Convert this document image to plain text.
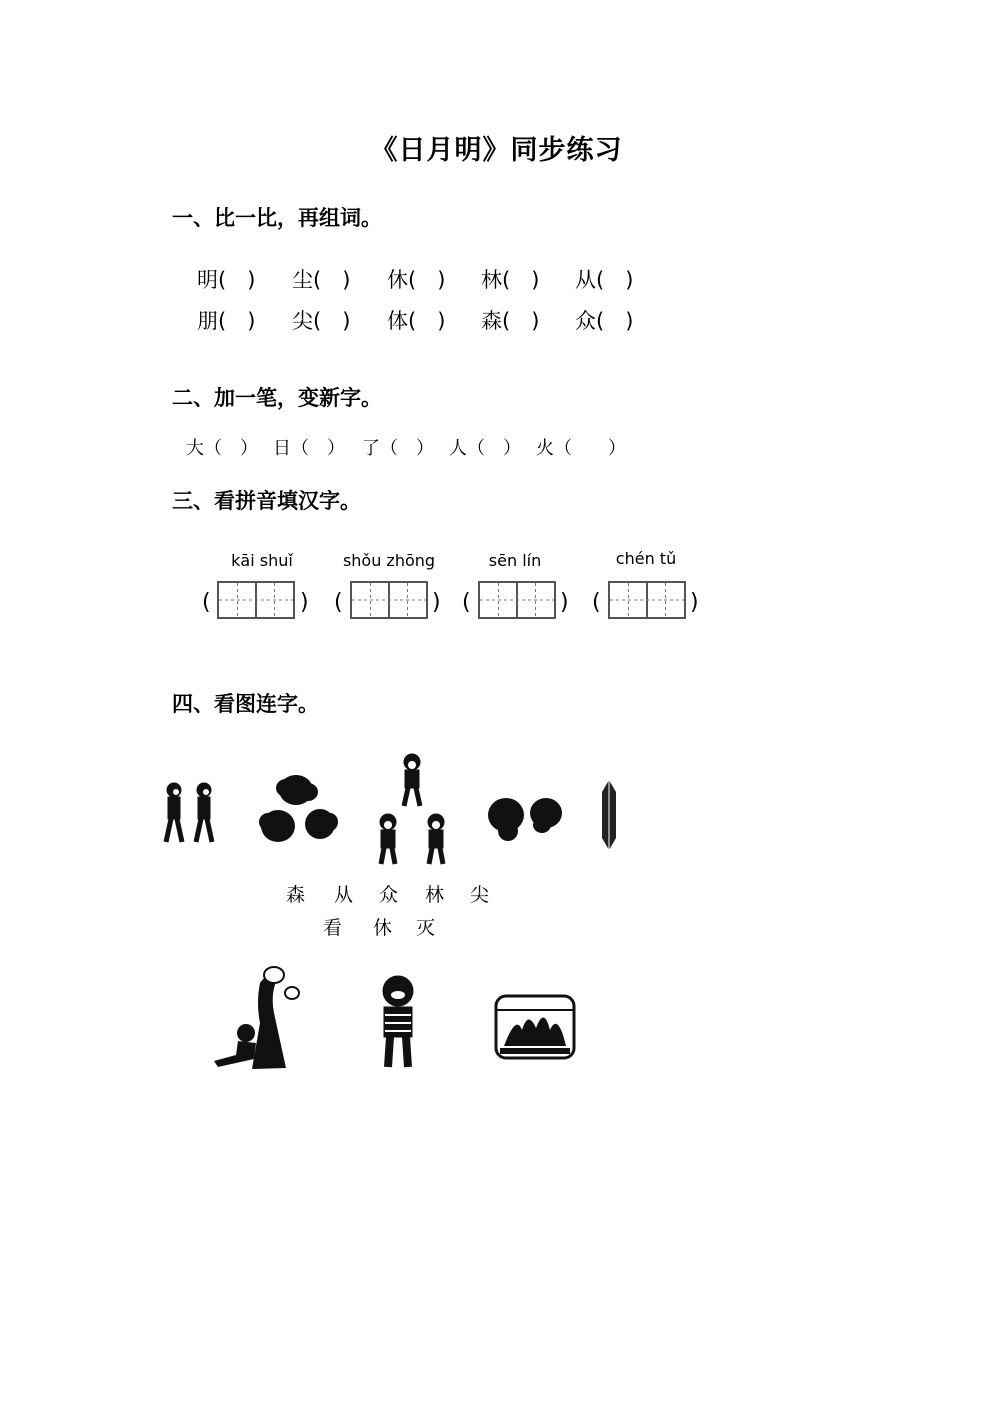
《日月明》同步练习
一、比一比，再组词。
明(　) 尘(　) 休(　) 林(　) 从(　)
朋(　) 尖(　) 体(　) 森(　) 众(　)
二、加一笔，变新字。
大（　） 日（　） 了（　） 人（　） 火（　　）
三、看拼音填汉字。
kāi shuǐ	shǒu zhōng	sēn lín	chén tǔ
(	) (	) (	) (	)
四、看图连字。
森 从 众 林 尖
看 休 灭
